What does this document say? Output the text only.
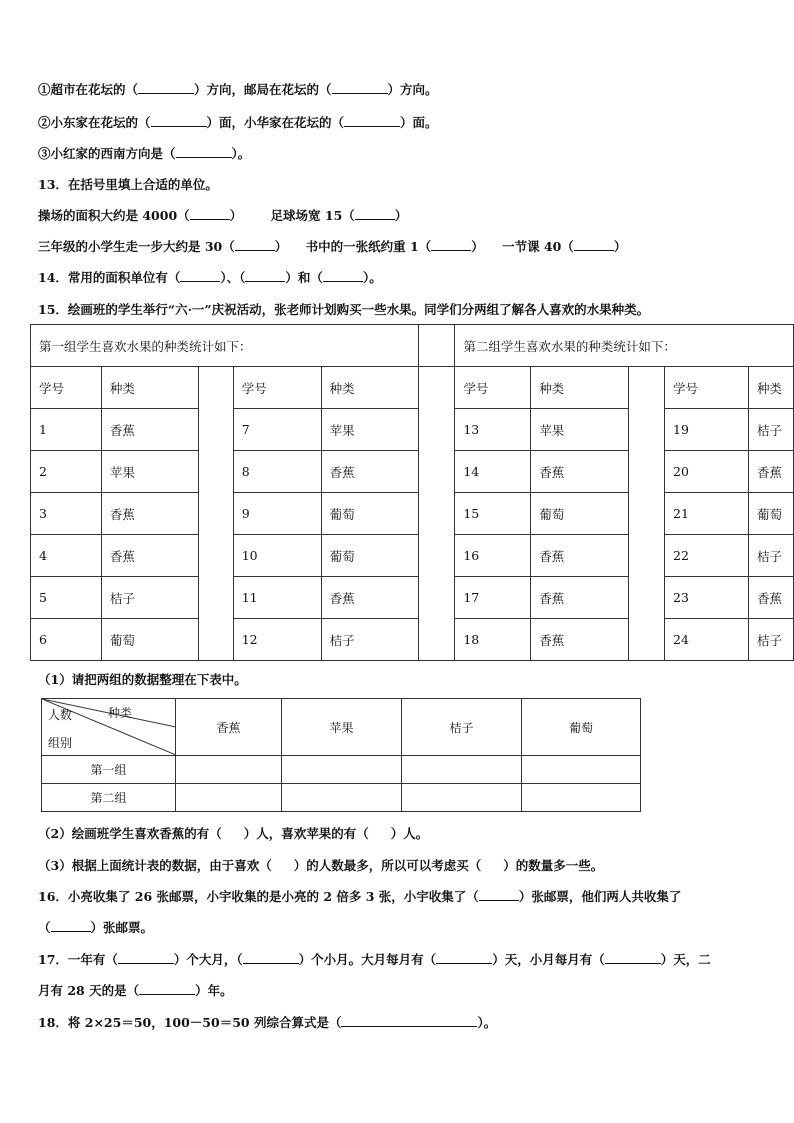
①超市在花坛的（	）方向，邮局在花坛的（	）方向。
②小东家在花坛的（	）面，小华家在花坛的（	）面。
③小红家的西南方向是（	）。
13．在括号里填上合适的单位。
操场的面积大约是 4000（	） 足球场宽 15（	）
三年级的小学生走一步大约是 30（	） 书中的一张纸约重 1（	） 一节课 40（	）
14．常用的面积单位有（	）、（	）和（	）。
15．绘画班的学生举行“六·一”庆祝活动，张老师计划购买一些水果。同学们分两组了解各人喜欢的水果种类。
第一组学生喜欢水果的种类统计如下：						第二组学生喜欢水果的种类统计如下：				
学号	种类		学号	种类		学号	种类		学号	种类
1	香蕉		7	苹果		13	苹果		19	桔子
2	苹果		8	香蕉		14	香蕉		20	香蕉
3	香蕉		9	葡萄		15	葡萄		21	葡萄
4	香蕉		10	葡萄		16	香蕉		22	桔子
5	桔子		11	香蕉		17	香蕉		23	香蕉
6	葡萄		12	桔子		18	香蕉		24	桔子
（1）请把两组的数据整理在下表中。
种类
人数
组别	香蕉	苹果	桔子	葡萄
第一组				
第二组				
（2）绘画班学生喜欢香蕉的有（ ）人，喜欢苹果的有（ ）人。
（3）根据上面统计表的数据，由于喜欢（ ）的人数最多，所以可以考虑买（ ）的数量多一些。
16．小亮收集了 26 张邮票，小宇收集的是小亮的 2 倍多 3 张，小宇收集了（	）张邮票，他们两人共收集了
（	）张邮票。
17．一年有（	）个大月，（	）个小月。大月每月有（	）天，小月每月有（	）天，二
月有 28 天的是（	）年。
18．将 2×25＝50，100－50＝50 列综合算式是（	）。
